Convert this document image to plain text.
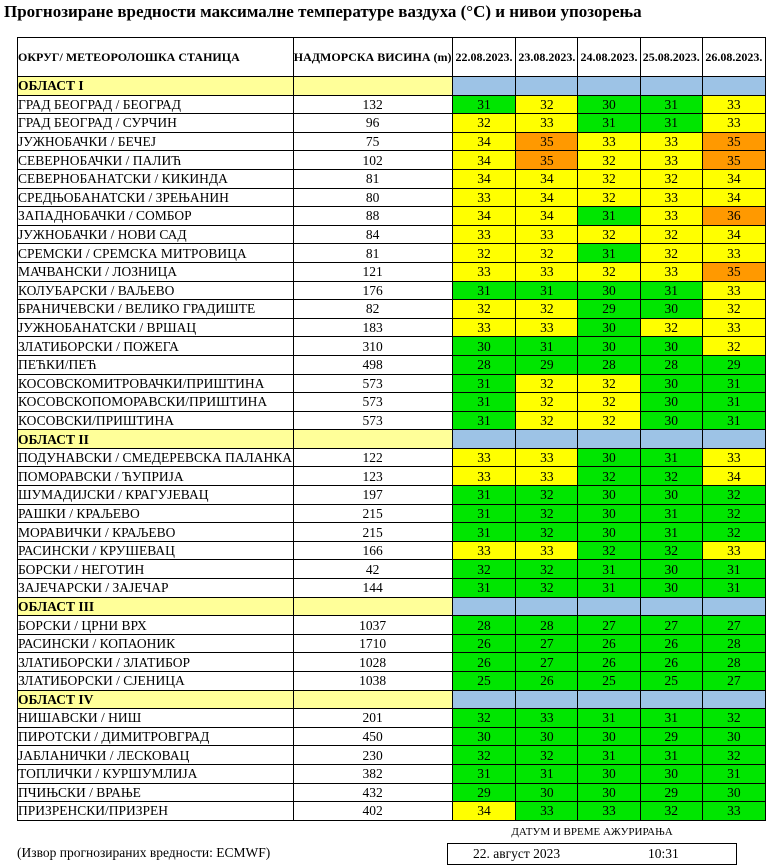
Прогнозиране вредности максималне температуре ваздуха (°C) и нивои упозорења
ОКРУГ/ МЕТЕОРОЛОШКА СТАНИЦА	НАДМОРСКА ВИСИНА (m)	22.08.2023.	23.08.2023.	24.08.2023.	25.08.2023.	26.08.2023.
ОБЛАСТ I						
ГРАД БЕОГРАД / БЕОГРАД	132	31	32	30	31	33
ГРАД БЕОГРАД / СУРЧИН	96	32	33	31	31	33
ЈУЖНОБАЧКИ / БЕЧЕЈ	75	34	35	33	33	35
СЕВЕРНОБАЧКИ / ПАЛИЋ	102	34	35	32	33	35
СЕВЕРНОБАНАТСКИ / КИКИНДА	81	34	34	32	32	34
СРЕДЊОБАНАТСКИ / ЗРЕЊАНИН	80	33	34	32	33	34
ЗАПАДНОБАЧКИ / СОМБОР	88	34	34	31	33	36
ЈУЖНОБАЧКИ / НОВИ САД	84	33	33	32	32	34
СРЕМСКИ / СРЕМСКА МИТРОВИЦА	81	32	32	31	32	33
МАЧВАНСКИ / ЛОЗНИЦА	121	33	33	32	33	35
КОЛУБАРСКИ / ВАЉЕВО	176	31	31	30	31	33
БРАНИЧЕВСКИ / ВЕЛИКО ГРАДИШТЕ	82	32	32	29	30	32
ЈУЖНОБАНАТСКИ / ВРШАЦ	183	33	33	30	32	33
ЗЛАТИБОРСКИ / ПОЖЕГА	310	30	31	30	30	32
ПЕЋКИ/ПЕЋ	498	28	29	28	28	29
КОСОВСКОМИТРОВАЧКИ/ПРИШТИНА	573	31	32	32	30	31
КОСОВСКОПОМОРАВСКИ/ПРИШТИНА	573	31	32	32	30	31
КОСОВСКИ/ПРИШТИНА	573	31	32	32	30	31
ОБЛАСТ II						
ПОДУНАВСКИ / СМЕДЕРЕВСКА ПАЛАНКА	122	33	33	30	31	33
ПОМОРАВСКИ / ЋУПРИЈА	123	33	33	32	32	34
ШУМАДИЈСКИ / КРАГУЈЕВАЦ	197	31	32	30	30	32
РАШКИ / КРАЉЕВО	215	31	32	30	31	32
МОРАВИЧКИ / КРАЉЕВО	215	31	32	30	31	32
РАСИНСКИ / КРУШЕВАЦ	166	33	33	32	32	33
БОРСКИ / НЕГОТИН	42	32	32	31	30	31
ЗАЈЕЧАРСКИ / ЗАЈЕЧАР	144	31	32	31	30	31
ОБЛАСТ III						
БОРСКИ / ЦРНИ ВРХ	1037	28	28	27	27	27
РАСИНСКИ / КОПАОНИК	1710	26	27	26	26	28
ЗЛАТИБОРСКИ / ЗЛАТИБОР	1028	26	27	26	26	28
ЗЛАТИБОРСКИ / СЈЕНИЦА	1038	25	26	25	25	27
ОБЛАСТ IV						
НИШАВСКИ / НИШ	201	32	33	31	31	32
ПИРОТСКИ / ДИМИТРОВГРАД	450	30	30	30	29	30
ЈАБЛАНИЧКИ / ЛЕСКОВАЦ	230	32	32	31	31	32
ТОПЛИЧКИ / КУРШУМЛИЈА	382	31	31	30	30	31
ПЧИЊСКИ / ВРАЊЕ	432	29	30	30	29	30
ПРИЗРЕНСКИ/ПРИЗРЕН	402	34	33	33	32	33
(Извор прогнозираних вредности: ECMWF)
ДАТУМ И ВРЕМЕ АЖУРИРАЊА
22. август 2023	10:31
